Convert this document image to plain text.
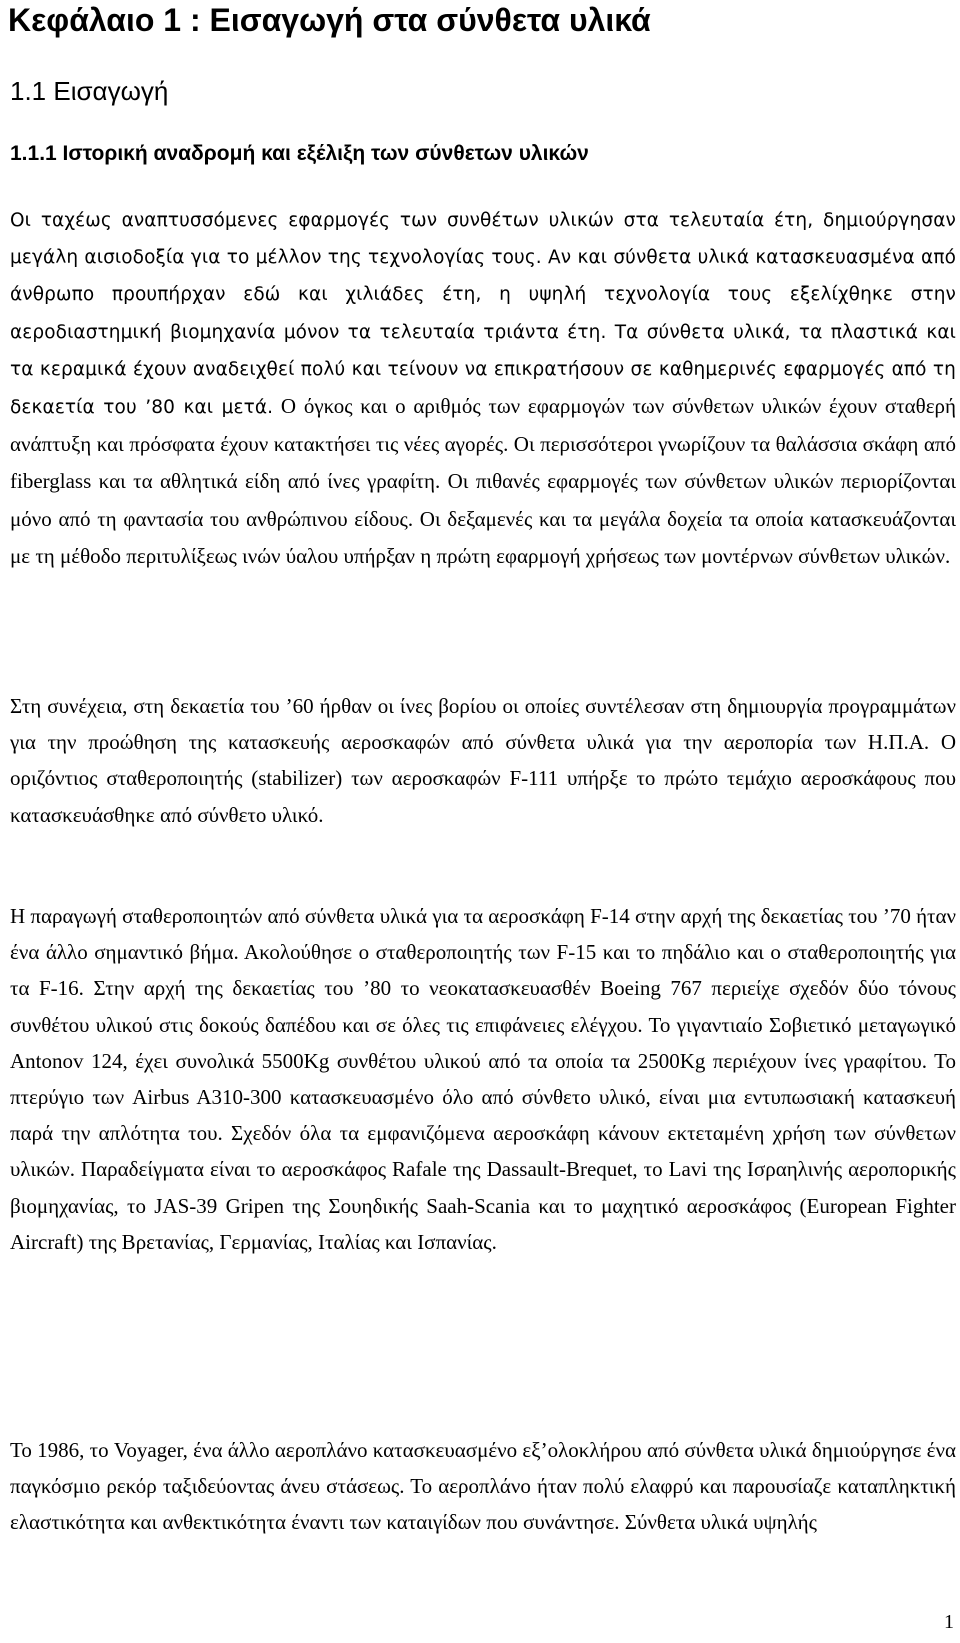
Κεφάλαιο 1 : Εισαγωγή στα σύνθετα υλικά
1.1 Εισαγωγή
1.1.1 Ιστορική αναδρομή και εξέλιξη των σύνθετων υλικών

Οι ταχέως αναπτυσσόμενες εφαρμογές των συνθέτων υλικών στα τελευταία έτη, δημιούργησαν μεγάλη αισιοδοξία για το μέλλον της τεχνολογίας τους. Αν και σύνθετα υλικά κατασκευασμένα από άνθρωπο προυπήρχαν εδώ και χιλιάδες έτη, η υψηλή τεχνολογία τους εξελίχθηκε στην αεροδιαστημική βιομηχανία μόνον τα τελευταία τριάντα έτη. Τα σύνθετα υλικά, τα πλαστικά και τα κεραμικά έχουν αναδειχθεί πολύ και τείνουν να επικρατήσουν σε καθημερινές εφαρμογές από τη δεκαετία του ’80 και μετά. Ο όγκος και ο αριθμός των εφαρμογών των σύνθετων υλικών έχουν σταθερή ανάπτυξη και πρόσφατα έχουν κατακτήσει τις νέες αγορές. Οι περισσότεροι γνωρίζουν τα θαλάσσια σκάφη από fiberglass και τα αθλητικά είδη από ίνες γραφίτη. Οι πιθανές εφαρμογές των σύνθετων υλικών περιορίζονται μόνο από τη φαντασία του ανθρώπινου είδους. Οι δεξαμενές και τα μεγάλα δοχεία τα οποία κατασκευάζονται με τη μέθοδο περιτυλίξεως ινών ύαλου υπήρξαν η πρώτη εφαρμογή χρήσεως των μοντέρνων σύνθετων υλικών.

Στη συνέχεια, στη δεκαετία του ’60 ήρθαν οι ίνες βορίου οι οποίες συντέλεσαν στη δημιουργία προγραμμάτων για την προώθηση της κατασκευής αεροσκαφών από σύνθετα υλικά για την αεροπορία των Η.Π.Α. Ο οριζόντιος σταθεροποιητής (stabilizer) των αεροσκαφών F-111 υπήρξε το πρώτο τεμάχιο αεροσκάφους που κατασκευάσθηκε από σύνθετο υλικό.

Η παραγωγή σταθεροποιητών από σύνθετα υλικά για τα αεροσκάφη F-14 στην αρχή της δεκαετίας του ’70 ήταν ένα άλλο σημαντικό βήμα. Ακολούθησε ο σταθεροποιητής των F-15 και το πηδάλιο και ο σταθεροποιητής για τα F-16. Στην αρχή της δεκαετίας του ’80 το νεοκατασκευασθέν Boeing 767 περιείχε σχεδόν δύο τόνους συνθέτου υλικού στις δοκούς δαπέδου και σε όλες τις επιφάνειες ελέγχου. Το γιγαντιαίο Σοβιετικό μεταγωγικό Antonov 124, έχει συνολικά 5500Kg συνθέτου υλικού από τα οποία τα 2500Kg περιέχουν ίνες γραφίτου. Το πτερύγιο των Airbus A310-300 κατασκευασμένο όλο από σύνθετο υλικό, είναι μια εντυπωσιακή κατασκευή παρά την απλότητα του. Σχεδόν όλα τα εμφανιζόμενα αεροσκάφη κάνουν εκτεταμένη χρήση των σύνθετων υλικών. Παραδείγματα είναι το αεροσκάφος Rafale της Dassault-Brequet, το Lavi της Ισραηλινής αεροπορικής βιομηχανίας, το JAS-39 Gripen της Σουηδικής Saah-Scania και το μαχητικό αεροσκάφος (European Fighter Aircraft) της Βρετανίας, Γερμανίας, Ιταλίας και Ισπανίας.

Το 1986, το Voyager, ένα άλλο αεροπλάνο κατασκευασμένο εξ’ολοκλήρου από σύνθετα υλικά δημιούργησε ένα παγκόσμιο ρεκόρ ταξιδεύοντας άνευ στάσεως. Το αεροπλάνο ήταν πολύ ελαφρύ και παρουσίαζε καταπληκτική ελαστικότητα και ανθεκτικότητα έναντι των καταιγίδων που συνάντησε. Σύνθετα υλικά υψηλής

1
